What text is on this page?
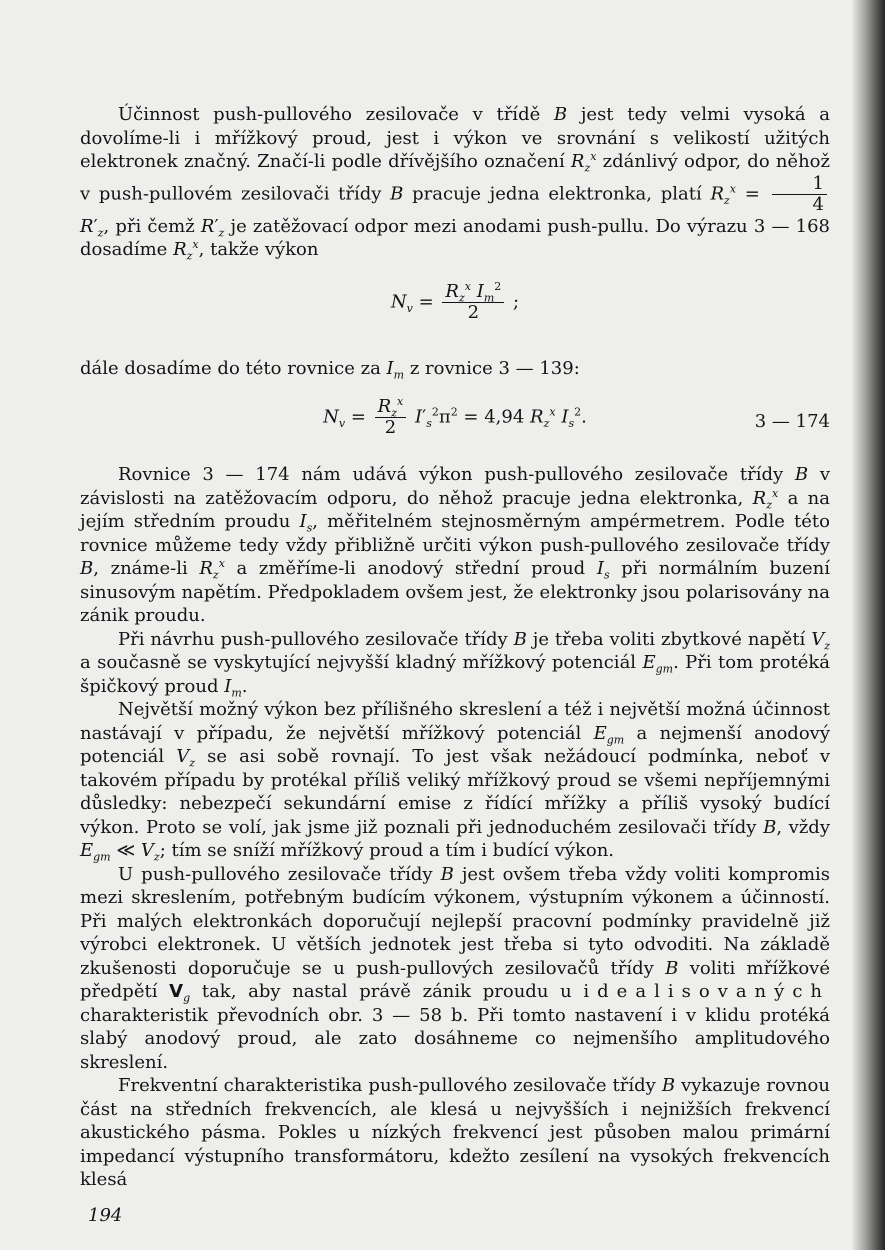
Účinnost push-pullového zesilovače v třídě B jest tedy velmi vysoká a dovolíme-li i mřížkový proud, jest i výkon ve srovnání s velikostí užitých elektronek značný. Značí-li podle dřívějšího označení $R_z^x$ zdánlivý odpor, do něhož v push-pullovém zesilovači třídy B pracuje jedna elektronka, platí $R_z^x = \frac{1}{4}$
$R'_z$, při čemž $R'_z$ je zatěžovací odpor mezi anodami push-pullu. Do výrazu 3 — 168 dosadíme $R_z^x$, takže výkon

$N_v = \frac{R_z^x I_m^2}{2}$ ;

dále dosadíme do této rovnice za $I_m$ z rovnice 3 — 139:

$N_v = \frac{R_z^x}{2} I'_s^2\pi^2 = 4,94$ $R_z^x$ $I_s^2$.	3 — 174

Rovnice 3 — 174 nám udává výkon push-pullového zesilovače třídy B v závislosti na zatěžovacím odporu, do něhož pracuje jedna elektronka, $R_z^x$ a na jejím středním proudu $I_s$, měřitelném stejnosměrným ampérmetrem. Podle této rovnice můžeme tedy vždy přibližně určiti výkon push-pullového zesilovače třídy B, známe-li $R_z^x$ a změříme-li anodový střední proud $I_s$ při normálním buzení sinusovým napětím. Předpokladem ovšem jest, že elektronky jsou polarisovány na zánik proudu.

Při návrhu push-pullového zesilovače třídy B je třeba voliti zbytkové napětí $V_z$ a současně se vyskytující nejvyšší kladný mřížkový potenciál $E_{gm}$. Při tom protéká špičkový proud $I_m$.

Největší možný výkon bez přílišného skreslení a též i největší možná účinnost nastávají v případu, že největší mřížkový potenciál $E_{gm}$ a nejmenší anodový potenciál $V_z$ se asi sobě rovnají. To jest však nežádoucí podmínka, neboť v takovém případu by protékal příliš veliký mřížkový proud se všemi nepříjemnými důsledky: nebezpečí sekundární emise z řídící mřížky a příliš vysoký budící výkon. Proto se volí, jak jsme již poznali při jednoduchém zesilovači třídy B, vždy $E_{gm}$ ≪ $V_z$; tím se sníží mřížkový proud a tím i budící výkon.

U push-pullového zesilovače třídy B jest ovšem třeba vždy voliti kompromis mezi skreslením, potřebným budícím výkonem, výstupním výkonem a účinností. Při malých elektronkách doporučují nejlepší pracovní podmínky pravidelně již výrobci elektronek. U větších jednotek jest třeba si tyto odvoditi. Na základě zkušenosti doporučuje se u push-pullových zesilovačů třídy B voliti mřížkové předpětí $V_g$ tak, aby nastal právě zánik proudu u idealisovaných charakteristik převodních obr. 3 — 58 b. Při tomto nastavení i v klidu protéká slabý anodový proud, ale zato dosáhneme co nejmenšího amplitudového skreslení.

Frekventní charakteristika push-pullového zesilovače třídy B vykazuje rovnou část na středních frekvencích, ale klesá u nejvyšších i nejnižších frekvencí akustického pásma. Pokles u nízkých frekvencí jest působen malou primární impedancí výstupního transformátoru, kdežto zesílení na vysokých frekvencích klesá

194
